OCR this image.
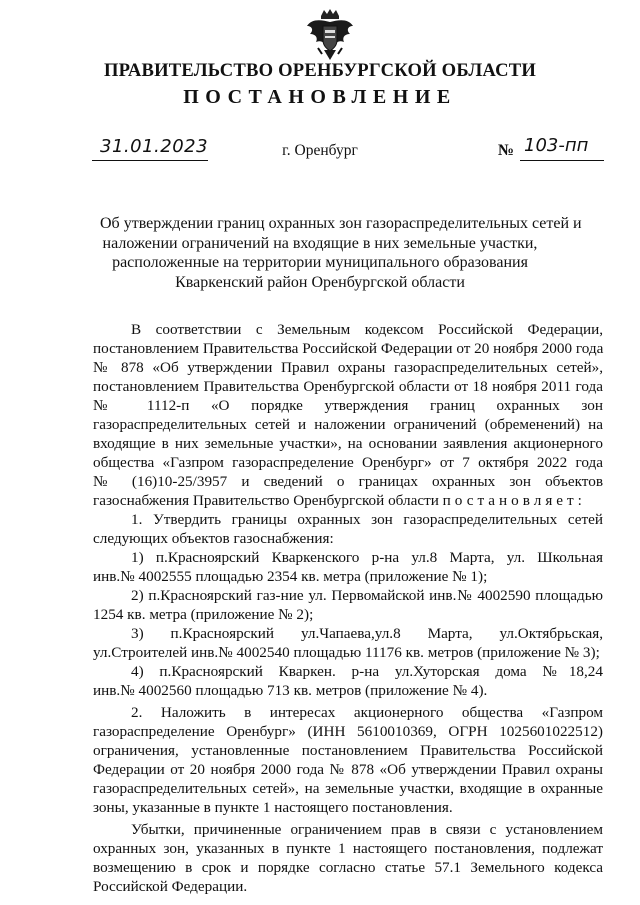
ПРАВИТЕЛЬСТВО ОРЕНБУРГСКОЙ ОБЛАСТИ
ПОСТАНОВЛЕНИЕ
31.01.2023	г. Оренбург	№ 103-пп
Об утверждении границ охранных зон газораспределительных сетей и
наложении ограничений на входящие в них земельные участки,
расположенные на территории муниципального образования
Кваркенский район Оренбургской области
В соответствии с Земельным кодексом Российской Федерации,
постановлением Правительства Российской Федерации от 20 ноября 2000 года
№ 878 «Об утверждении Правил охраны газораспределительных сетей»,
постановлением Правительства Оренбургской области от 18 ноября 2011 года
№ 1112-п «О порядке утверждения границ охранных зон
газораспределительных сетей и наложении ограничений (обременений) на
входящие в них земельные участки», на основании заявления акционерного
общества «Газпром газораспределение Оренбург» от 7 октября 2022 года
№ (16)10-25/3957 и сведений о границах охранных зон объектов
газоснабжения Правительство Оренбургской области постановляет:
1. Утвердить границы охранных зон газораспределительных сетей
следующих объектов газоснабжения:
1) п.Красноярский Кваркенского р-на ул.8 Марта, ул. Школьная
инв.№ 4002555 площадью 2354 кв. метра (приложение № 1);
2) п.Красноярский газ-ние ул. Первомайской инв.№ 4002590 площадью
1254 кв. метра (приложение № 2);
3) п.Красноярский ул.Чапаева,ул.8 Марта, ул.Октябрьская,
ул.Строителей инв.№ 4002540 площадью 11176 кв. метров (приложение № 3);
4) п.Красноярский Кваркен. р-на ул.Хуторская дома №18,24
инв.№ 4002560 площадью 713 кв. метров (приложение № 4).
2. Наложить в интересах акционерного общества «Газпром
газораспределение Оренбург» (ИНН 5610010369, ОГРН 1025601022512)
ограничения, установленные постановлением Правительства Российской
Федерации от 20 ноября 2000 года № 878 «Об утверждении Правил охраны
газораспределительных сетей», на земельные участки, входящие в охранные
зоны, указанные в пункте 1 настоящего постановления.
Убытки, причиненные ограничением прав в связи с установлением
охранных зон, указанных в пункте 1 настоящего постановления, подлежат
возмещению в срок и порядке согласно статье 57.1 Земельного кодекса
Российской Федерации.
